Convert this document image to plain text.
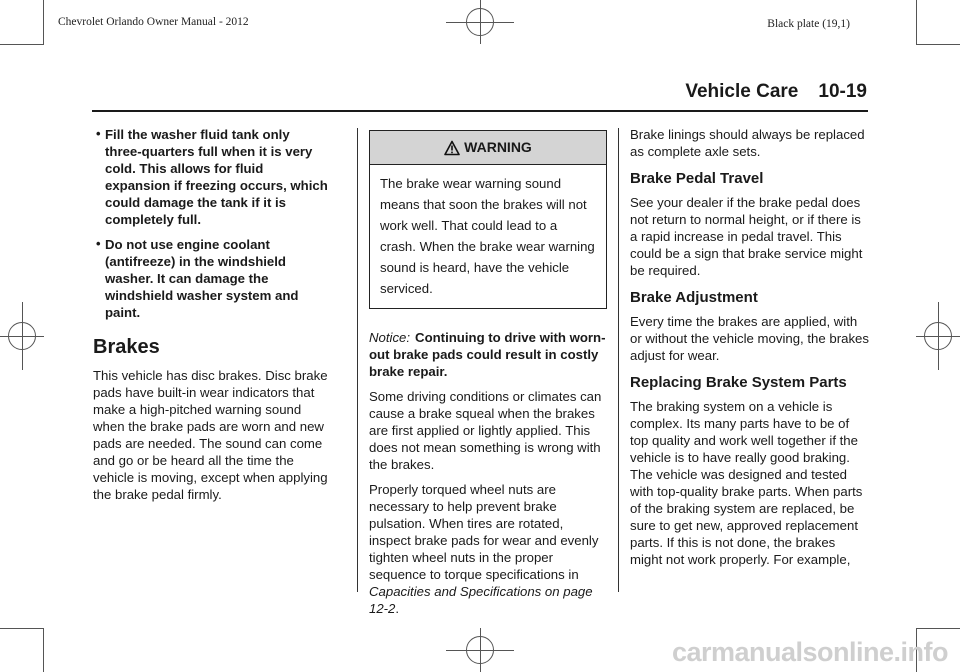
Chevrolet Orlando Owner Manual - 2012	Black plate (19,1)
Vehicle Care 10-19

• Fill the washer fluid tank only three-quarters full when it is very cold. This allows for fluid expansion if freezing occurs, which could damage the tank if it is completely full.

• Do not use engine coolant (antifreeze) in the windshield washer. It can damage the windshield washer system and paint.

Brakes

This vehicle has disc brakes. Disc brake pads have built-in wear indicators that make a high-pitched warning sound when the brake pads are worn and new pads are needed. The sound can come and go or be heard all the time the vehicle is moving, except when applying the brake pedal firmly.

WARNING
The brake wear warning sound means that soon the brakes will not work well. That could lead to a crash. When the brake wear warning sound is heard, have the vehicle serviced.

Notice: Continuing to drive with worn-out brake pads could result in costly brake repair.

Some driving conditions or climates can cause a brake squeal when the brakes are first applied or lightly applied. This does not mean something is wrong with the brakes.

Properly torqued wheel nuts are necessary to help prevent brake pulsation. When tires are rotated, inspect brake pads for wear and evenly tighten wheel nuts in the proper sequence to torque specifications in Capacities and Specifications on page 12-2.

Brake linings should always be replaced as complete axle sets.

Brake Pedal Travel

See your dealer if the brake pedal does not return to normal height, or if there is a rapid increase in pedal travel. This could be a sign that brake service might be required.

Brake Adjustment

Every time the brakes are applied, with or without the vehicle moving, the brakes adjust for wear.

Replacing Brake System Parts

The braking system on a vehicle is complex. Its many parts have to be of top quality and work well together if the vehicle is to have really good braking. The vehicle was designed and tested with top-quality brake parts. When parts of the braking system are replaced, be sure to get new, approved replacement parts. If this is not done, the brakes might not work properly. For example,

carmanualsonline.info
